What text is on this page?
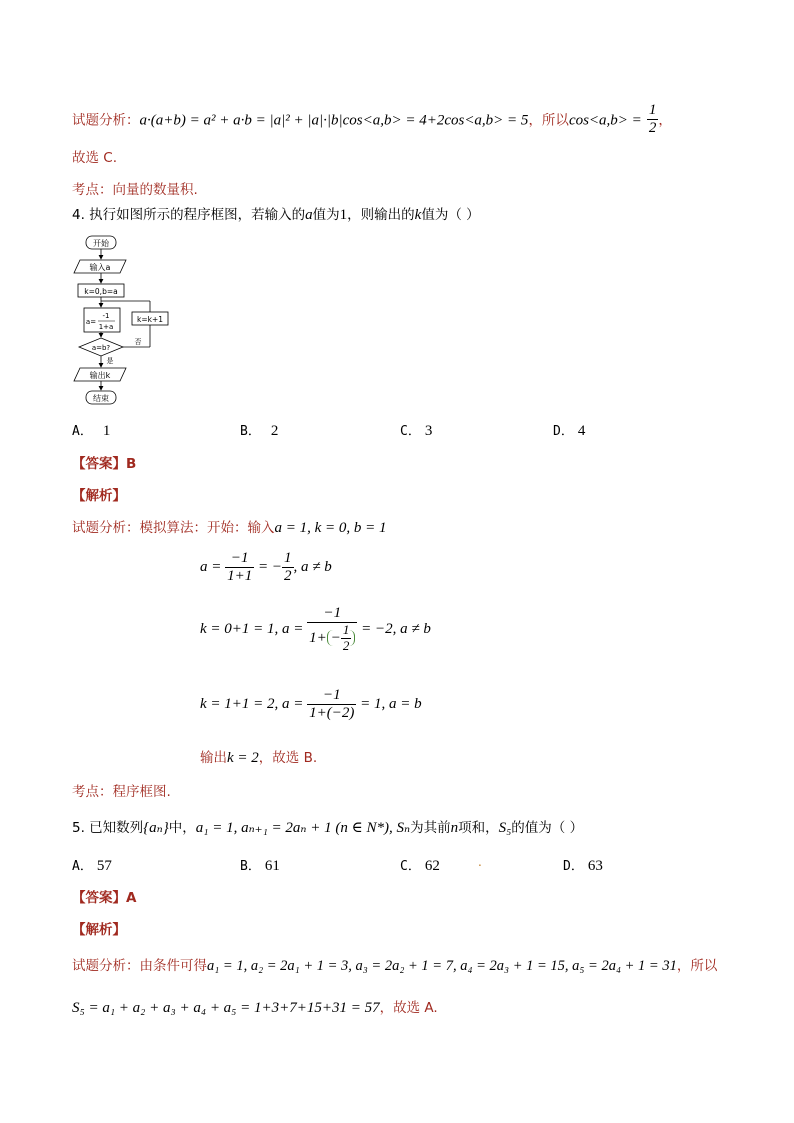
试题分析：a·(a+b) = a² + a·b = |a|² + |a|·|b|cos<a,b> = 4+2cos<a,b> = 5，所以$\cos<a,b> = \frac{1}{2}$ ，
故选 C.
考点：向量的数量积.
4. 执行如图所示的程序框图，若输入的a值为1，则输出的k值为（ ）
开始
输入a
k=0,b=a
a=
-1
1+a
a=b?
是
否
k=k+1
输出k
结束
A． 1	B． 2	C． 3	D． 4
【答案】B
【解析】
试题分析：模拟算法：开始：输入a = 1, k = 0, b = 1
$a = \frac{-1}{1+1}$ = − $\frac{1}{2}$ , a ≠ b
k = 0+1 = 1, $a = \frac{-1}{1+ - \frac{1}{2}} = -2$, a ≠ b
k = 1+1 = 2, $a = \frac{-1}{1+(-2)} = 1$, a = b
输出k = 2，故选 B.
考点：程序框图.
5. 已知数列{aₙ}中，a₁ = 1, aₙ₊₁ = 2aₙ + 1 (n ∈ N*), Sₙ为其前n项和，S₅的值为（ ）
A． 57	B． 61	C． 62	.	D． 63
【答案】A
【解析】
试题分析：由条件可得a₁ = 1, a₂ = 2a₁ + 1 = 3, a₃ = 2a₂ + 1 = 7, a₄ = 2a₃ + 1 = 15, a₅ = 2a₄ + 1 = 31，所以
S₅ = a₁ + a₂ + a₃ + a₄ + a₅ = 1+3+7+15+31 = 57，故选 A.
